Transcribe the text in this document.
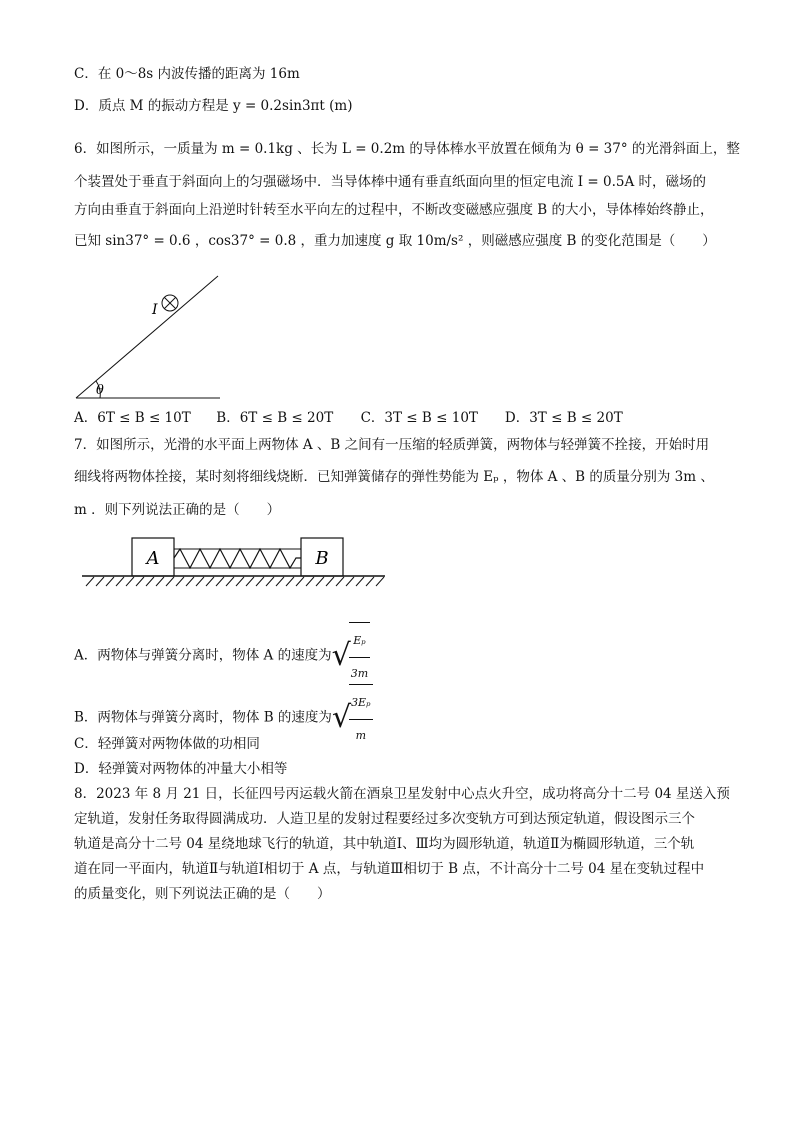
C．在 0～8s 内波传播的距离为 16m
D．质点 M 的振动方程是 y = 0.2sin3πt (m)
6．如图所示，一质量为 m = 0.1kg 、长为 L = 0.2m 的导体棒水平放置在倾角为 θ = 37° 的光滑斜面上，整
个装置处于垂直于斜面向上的匀强磁场中．当导体棒中通有垂直纸面向里的恒定电流 I = 0.5A 时，磁场的
方向由垂直于斜面向上沿逆时针转至水平向左的过程中，不断改变磁感应强度 B 的大小，导体棒始终静止，
已知 sin37° = 0.6 ，cos37° = 0.8 ，重力加速度 g 取 10m/s² ，则磁感应强度 B 的变化范围是（　　）
θ
I
A．6T ≤ B ≤ 10T B．6T ≤ B ≤ 20T C．3T ≤ B ≤ 10T D．3T ≤ B ≤ 20T
7．如图所示，光滑的水平面上两物体 A 、B 之间有一压缩的轻质弹簧，两物体与轻弹簧不拴接，开始时用
细线将两物体拴接，某时刻将细线烧断．已知弹簧储存的弹性势能为 Eₚ ，物体 A 、B 的质量分别为 3m 、
m ．则下列说法正确的是（　　）
A	B
A．两物体与弹簧分离时，物体 A 的速度为 √
$\frac{\text{Eₚ}}{3m}$
B．两物体与弹簧分离时，物体 B 的速度为 √
$\frac{\text{3Eₚ}}{m}$
C．轻弹簧对两物体做的功相同
D．轻弹簧对两物体的冲量大小相等
8．2023 年 8 月 21 日，长征四号丙运载火箭在酒泉卫星发射中心点火升空，成功将高分十二号 04 星送入预
定轨道，发射任务取得圆满成功．人造卫星的发射过程要经过多次变轨方可到达预定轨道，假设图示三个
轨道是高分十二号 04 星绕地球飞行的轨道，其中轨道Ⅰ、Ⅲ均为圆形轨道，轨道Ⅱ为椭圆形轨道，三个轨
道在同一平面内，轨道Ⅱ与轨道Ⅰ相切于 A 点，与轨道Ⅲ相切于 B 点，不计高分十二号 04 星在变轨过程中
的质量变化，则下列说法正确的是（　　）
